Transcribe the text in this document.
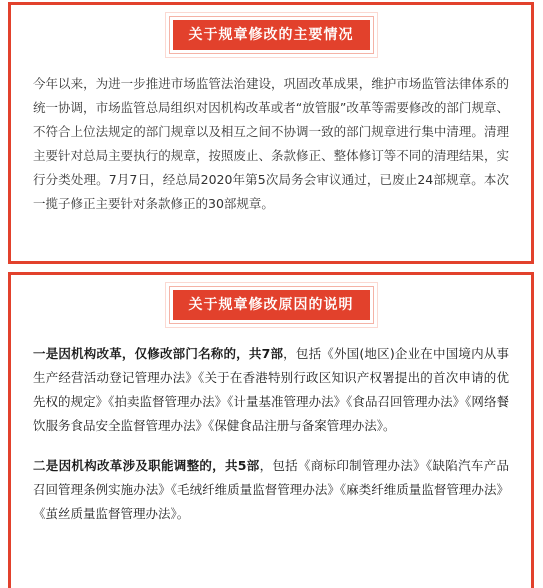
关于规章修改的主要情况

今年以来，为进一步推进市场监管法治建设，巩固改革成果，维护市场监管法律体系的统一协调，市场监管总局组织对因机构改革或者“放管服”改革等需要修改的部门规章、不符合上位法规定的部门规章以及相互之间不协调一致的部门规章进行集中清理。清理主要针对总局主要执行的规章，按照废止、条款修正、整体修订等不同的清理结果，实行分类处理。7月7日，经总局2020年第5次局务会审议通过，已废止24部规章。本次一揽子修正主要针对条款修正的30部规章。

关于规章修改原因的说明

一是因机构改革，仅修改部门名称的，共7部，包括《外国(地区)企业在中国境内从事生产经营活动登记管理办法》《关于在香港特别行政区知识产权署提出的首次申请的优先权的规定》《拍卖监督管理办法》《计量基准管理办法》《食品召回管理办法》《网络餐饮服务食品安全监督管理办法》《保健食品注册与备案管理办法》。

二是因机构改革涉及职能调整的，共5部，包括《商标印制管理办法》《缺陷汽车产品召回管理条例实施办法》《毛绒纤维质量监督管理办法》《麻类纤维质量监督管理办法》《茧丝质量监督管理办法》。
